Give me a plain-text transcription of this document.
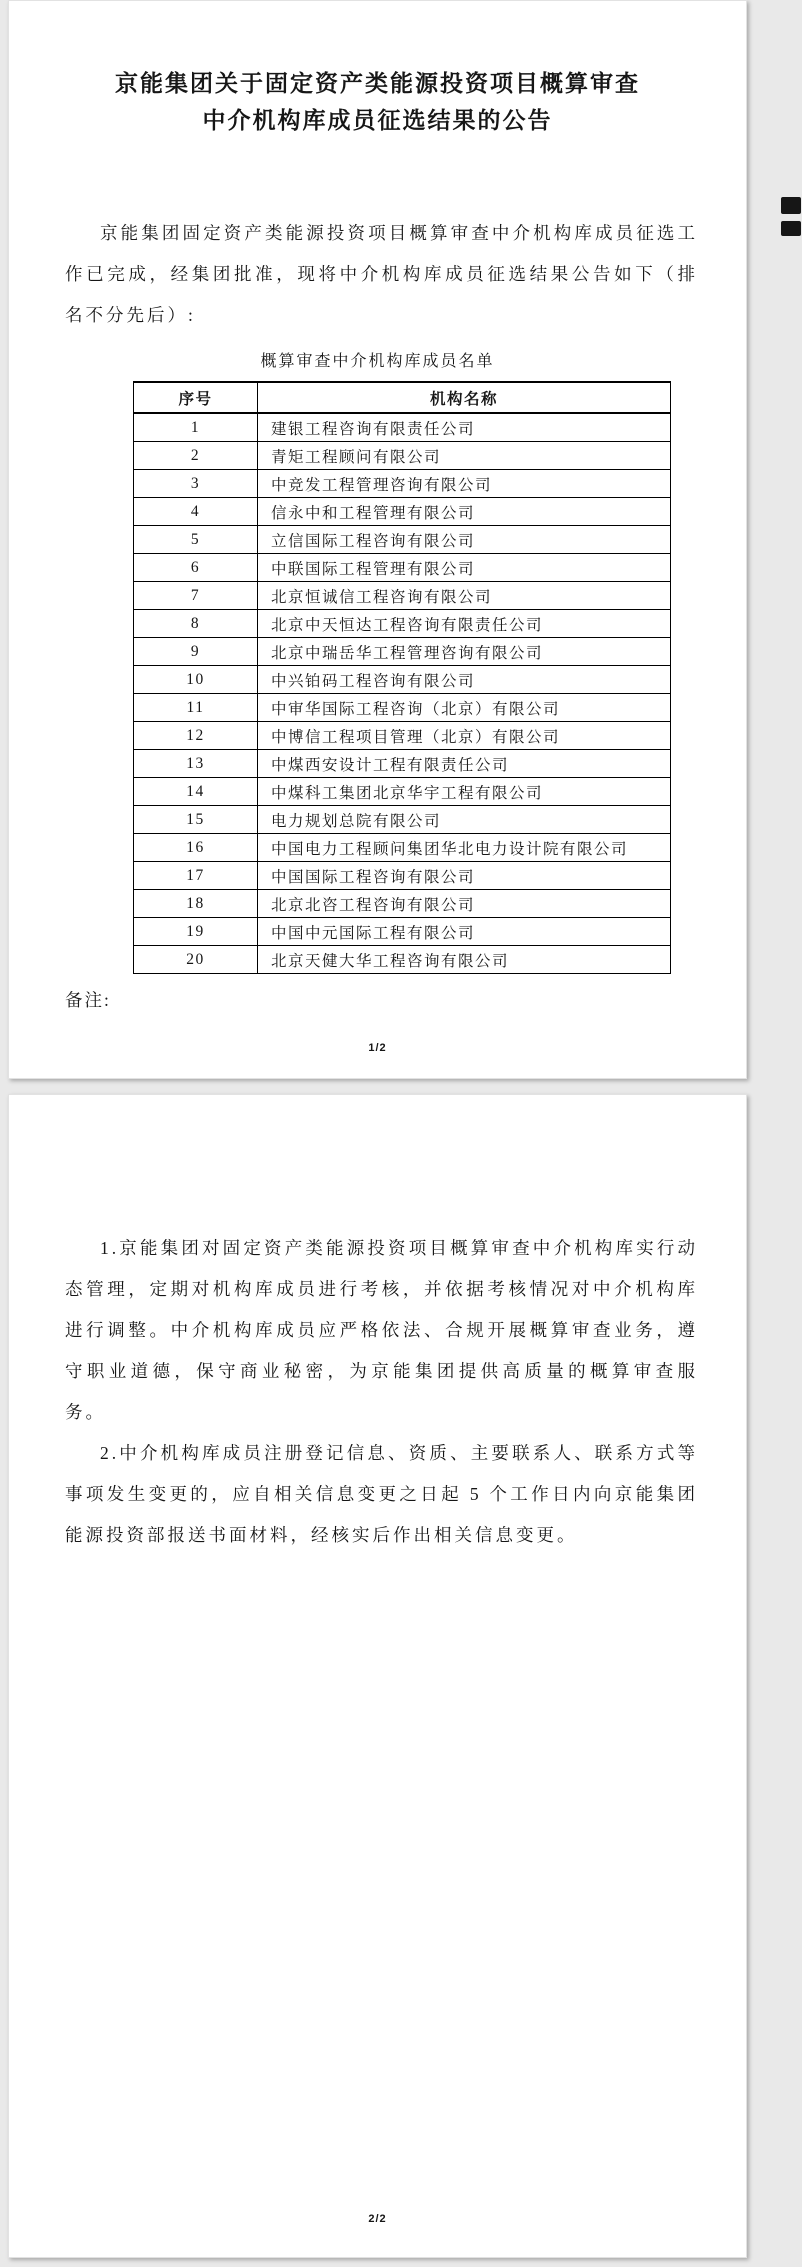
京能集团关于固定资产类能源投资项目概算审查
中介机构库成员征选结果的公告

京能集团固定资产类能源投资项目概算审查中介机构库成员征选工作已完成，经集团批准，现将中介机构库成员征选结果公告如下（排名不分先后）:

概算审查中介机构库成员名单
序号	机构名称
1	建银工程咨询有限责任公司
2	青矩工程顾问有限公司
3	中竞发工程管理咨询有限公司
4	信永中和工程管理有限公司
5	立信国际工程咨询有限公司
6	中联国际工程管理有限公司
7	北京恒诚信工程咨询有限公司
8	北京中天恒达工程咨询有限责任公司
9	北京中瑞岳华工程管理咨询有限公司
10	中兴铂码工程咨询有限公司
11	中审华国际工程咨询（北京）有限公司
12	中博信工程项目管理（北京）有限公司
13	中煤西安设计工程有限责任公司
14	中煤科工集团北京华宇工程有限公司
15	电力规划总院有限公司
16	中国电力工程顾问集团华北电力设计院有限公司
17	中国国际工程咨询有限公司
18	北京北咨工程咨询有限公司
19	中国中元国际工程有限公司
20	北京天健大华工程咨询有限公司
备注:
1/2

1.京能集团对固定资产类能源投资项目概算审查中介机构库实行动态管理，定期对机构库成员进行考核，并依据考核情况对中介机构库进行调整。中介机构库成员应严格依法、合规开展概算审查业务，遵守职业道德，保守商业秘密，为京能集团提供高质量的概算审查服务。

2.中介机构库成员注册登记信息、资质、主要联系人、联系方式等事项发生变更的，应自相关信息变更之日起 5 个工作日内向京能集团能源投资部报送书面材料，经核实后作出相关信息变更。

2/2
